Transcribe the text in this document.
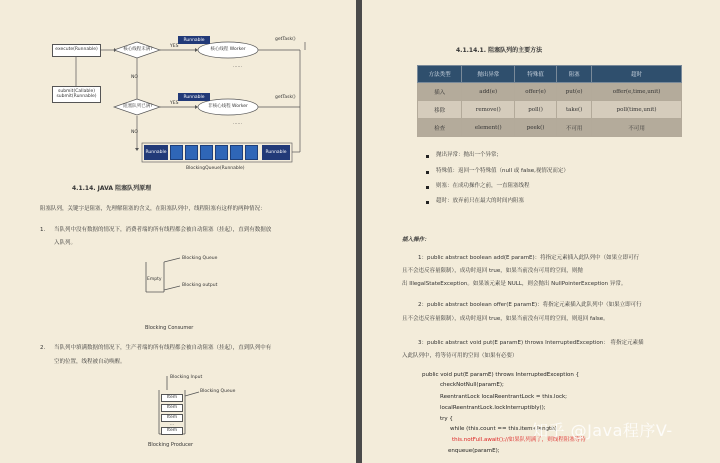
execute(Runnable)
submit(Callable)
submit(Runnable)
核心线程未满?
阻塞队列已满?
YES
YES
NO
NO
Runnable
Runnable
核心线程 Worker
非核心线程 Worker
……
……
getTask()
getTask()
Runnable	Runnable
BlockingQueue(Runnable)
4.1.14. JAVA 阻塞队列原理
阻塞队列，关键字是阻塞，先理解阻塞的含义，在阻塞队列中，线程阻塞有这样的两种情况：
1. 当队列中没有数据的情况下，消费者端的所有线程都会被自动阻塞（挂起），直到有数据放
入队列。
Blocking Queue
Empty
Blocking output
Blocking Consumer
2. 当队列中填满数据的情况下，生产者端的所有线程都会被自动阻塞（挂起），直到队列中有
空的位置，线程被自动唤醒。
Blocking Input
Blocking Queue
Item
Item
Item
...
Item
Blocking Producer
4.1.14.1. 阻塞队列的主要方法
方法类型	抛出异常	特殊值	阻塞	超时
插入	add(e)	offer(e)	put(e)	offer(e,time,unit)
移除	remove()	poll()	take()	poll(time,unit)
检查	element()	peek()	不可用	不可用
抛出异常：抛出一个异常;
特殊值：返回一个特殊值（null 或 false,视情况而定）
则塞：在成功操作之前，一直阻塞线程
超时：放弃前只在最大的时间内阻塞
插入操作：
1：public abstract boolean add(E paramE)：将指定元素插入此队列中（如果立即可行
且不会违反容量限制），成功时返回 true，如果当前没有可用的空间，则抛
出 IllegalStateException。如果该元素是 NULL，则会抛出 NullPointerException 异常。
2：public abstract boolean offer(E paramE)：将指定元素插入此队列中（如果立即可行
且不会违反容量限制），成功时返回 true，如果当前没有可用的空间，则返回 false。
3：public abstract void put(E paramE) throws InterruptedException： 将指定元素插
入此队列中，将等待可用的空间（如果有必要）
public void put(E paramE) throws InterruptedException {
checkNotNull(paramE);
ReentrantLock localReentrantLock = this.lock;
localReentrantLock.lockInterruptibly();
try {
while (this.count == this.items.length)
this.notFull.await();//如果队列满了，则线程阻塞等待
enqueue(paramE);
知乎 @Java程序V-
